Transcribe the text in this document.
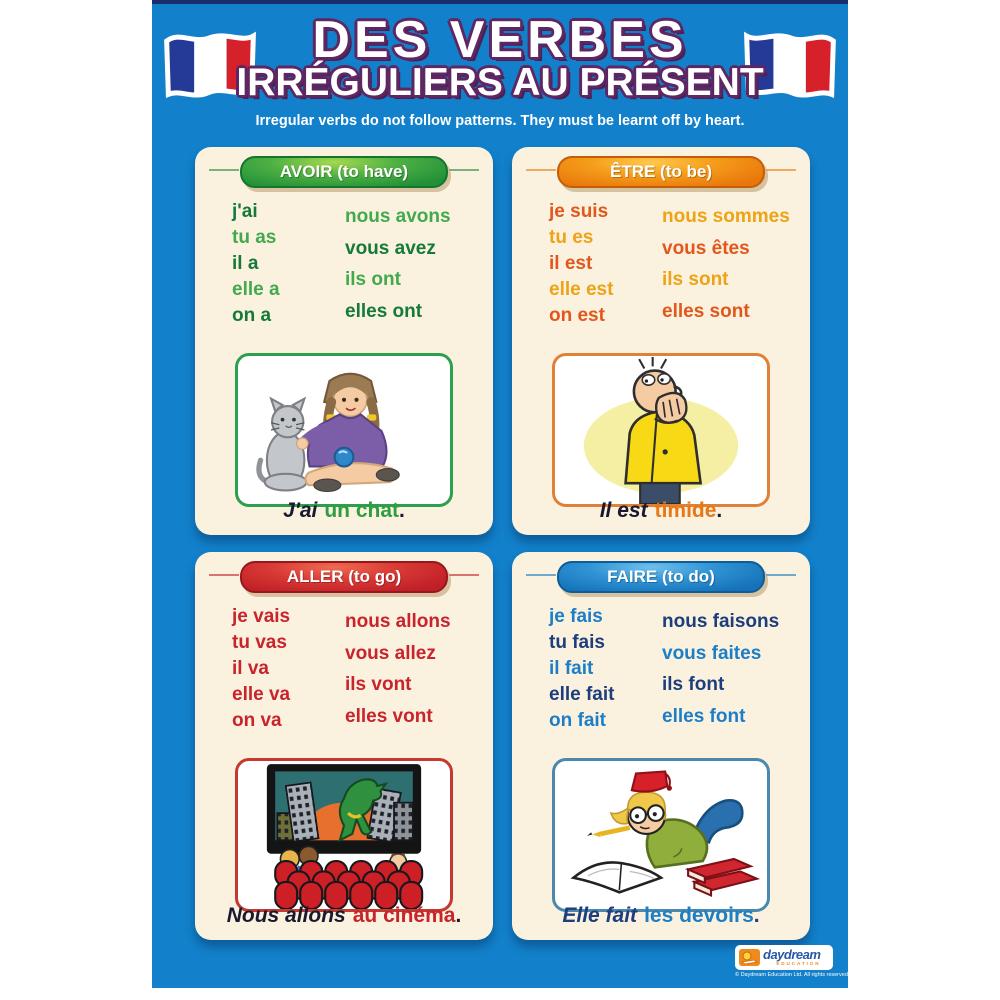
DES VERBES
IRRÉGULIERS AU PRÉSENT
Irregular verbs do not follow patterns. They must be learnt off by heart.
AVOIR (to have)
j'ai
tu as
il a
elle a
on a
nous avons
vous avez
ils ont
elles ont
J'ai un chat.
ÊTRE (to be)
je suis
tu es
il est
elle est
on est
nous sommes
vous êtes
ils sont
elles sont
Il est timide.
ALLER (to go)
je vais
tu vas
il va
elle va
on va
nous allons
vous allez
ils vont
elles vont
Nous allons au cinéma.
FAIRE (to do)
je fais
tu fais
il fait
elle fait
on fait
nous faisons
vous faites
ils font
elles font
Elle fait les devoirs.
daydream
EDUCATION
© Daydream Education Ltd. All rights reserved.
